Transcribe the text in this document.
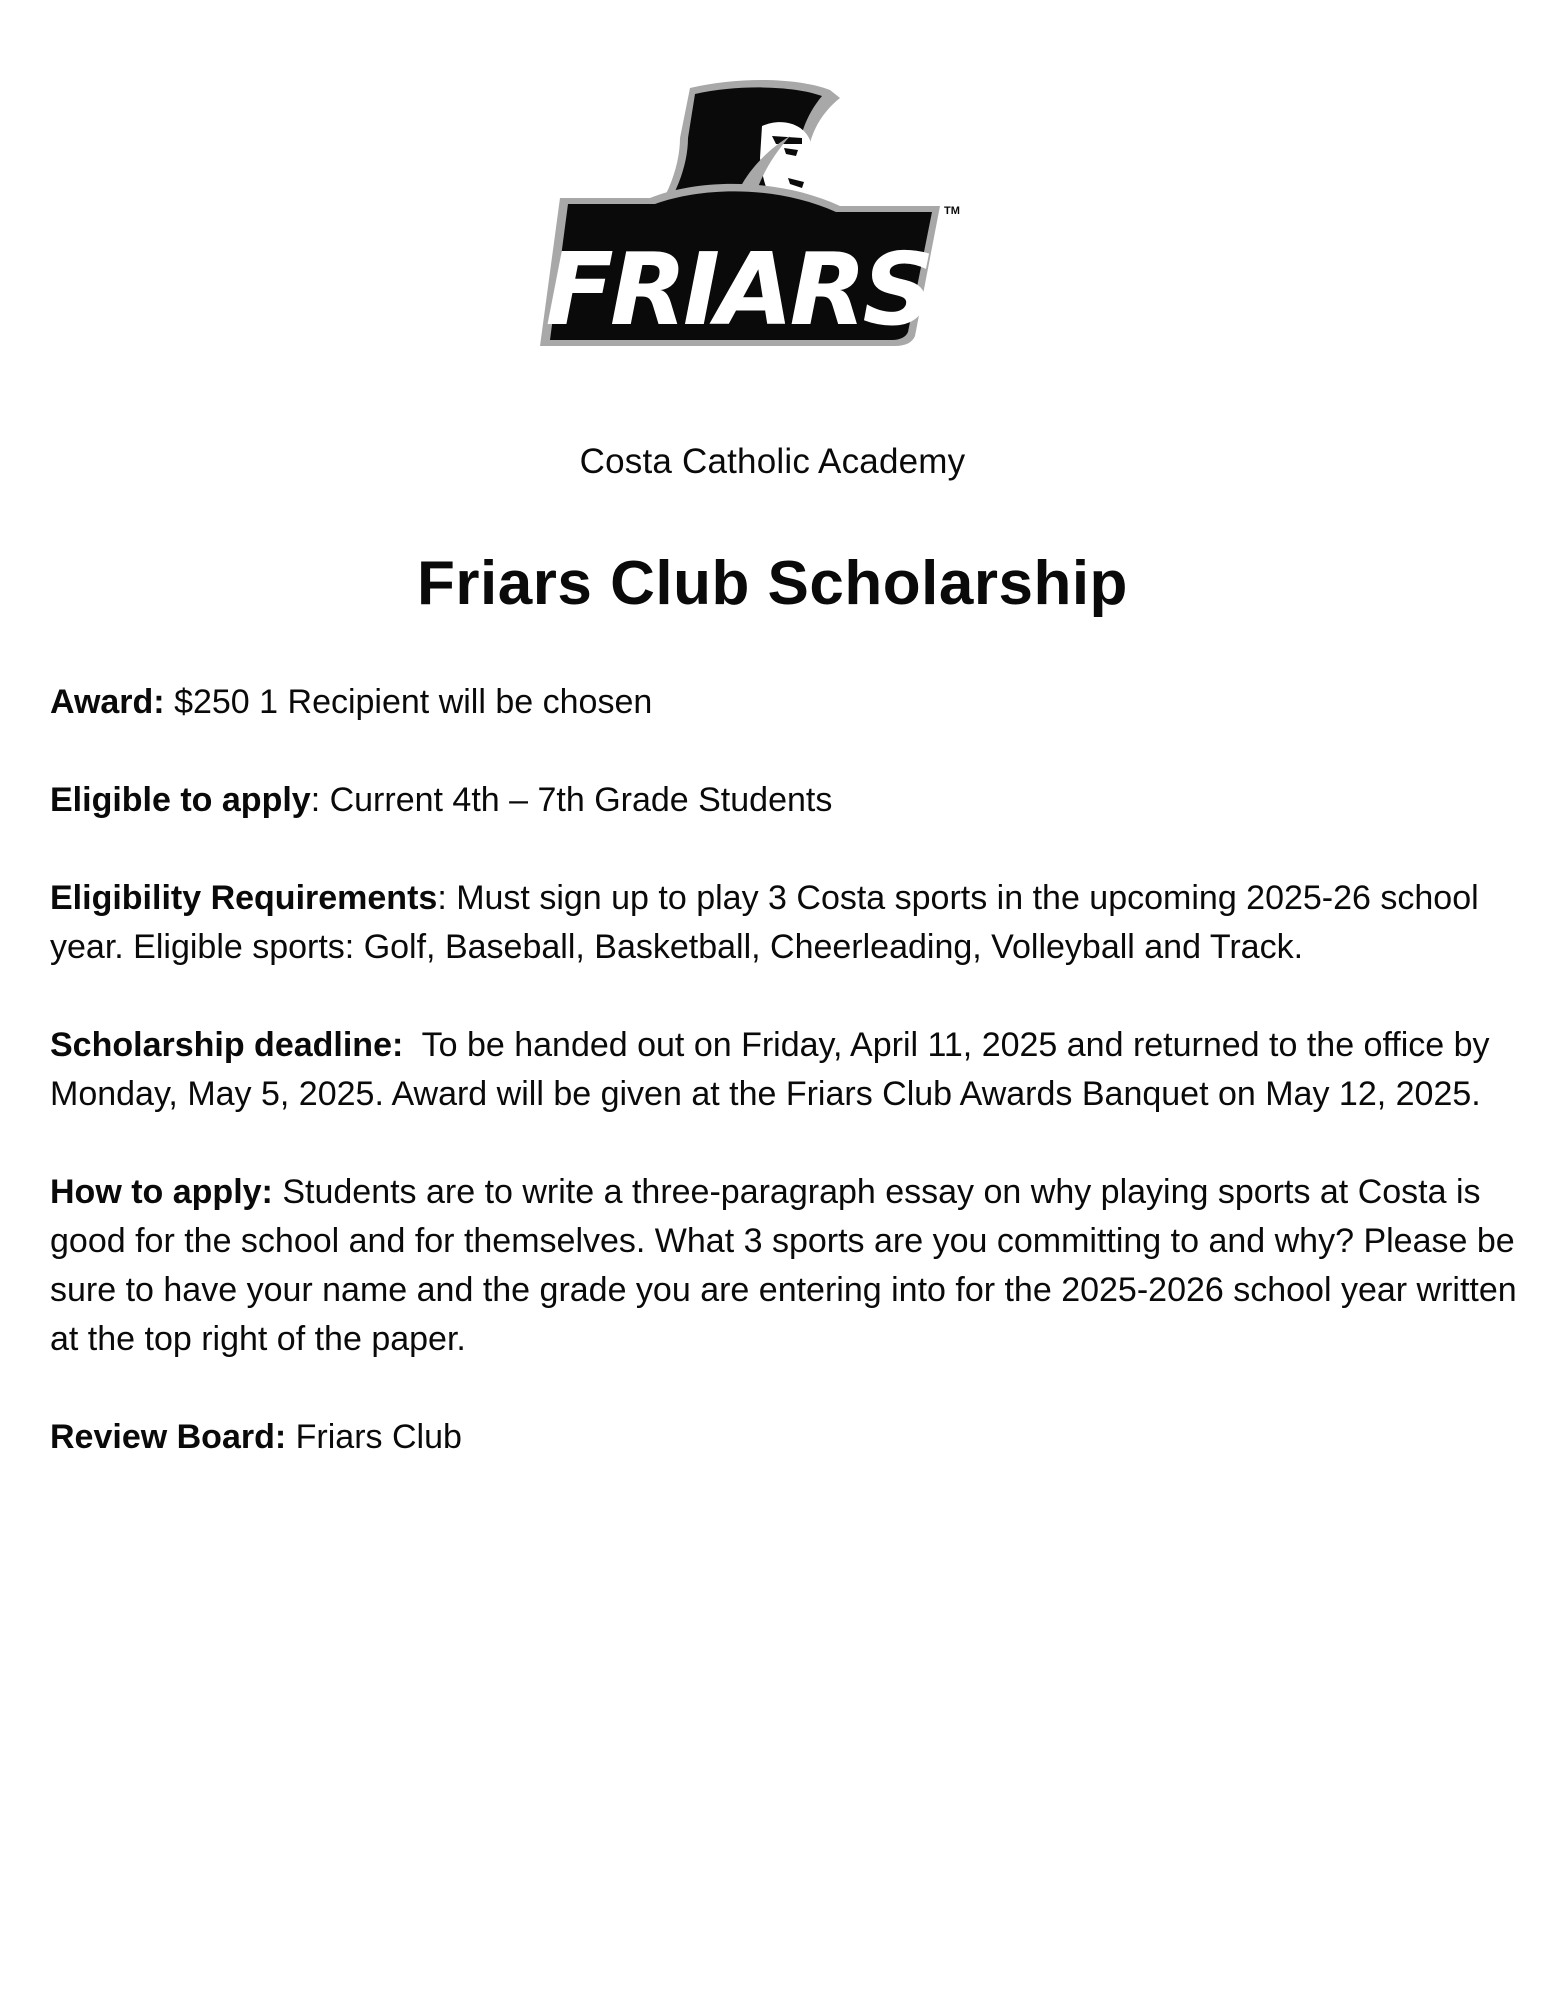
FRIARS
TM
Costa Catholic Academy
Friars Club Scholarship

Award: $250 1 Recipient will be chosen

Eligible to apply: Current 4th – 7th Grade Students

Eligibility Requirements: Must sign up to play 3 Costa sports in the upcoming 2025-26 school year. Eligible sports: Golf, Baseball, Basketball, Cheerleading, Volleyball and Track.

Scholarship deadline:  To be handed out on Friday, April 11, 2025 and returned to the office by Monday, May 5, 2025. Award will be given at the Friars Club Awards Banquet on May 12, 2025.

How to apply: Students are to write a three-paragraph essay on why playing sports at Costa is good for the school and for themselves. What 3 sports are you committing to and why? Please be sure to have your name and the grade you are entering into for the 2025-2026 school year written at the top right of the paper.

Review Board: Friars Club
